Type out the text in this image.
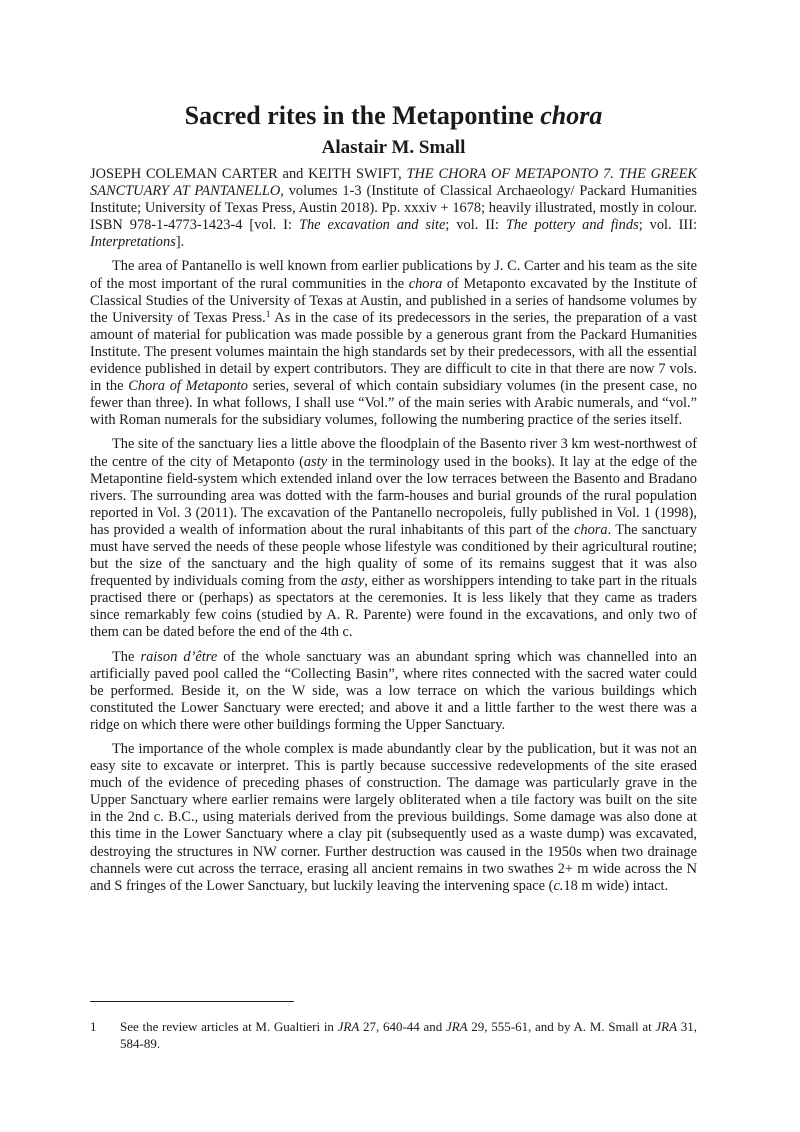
Sacred rites in the Metapontine chora
Alastair M. Small

JOSEPH COLEMAN CARTER and KEITH SWIFT, THE CHORA OF METAPONTO 7. THE GREEK SANCTUARY AT PANTANELLO, volumes 1-3 (Institute of Classical Archaeology/ Packard Humanities Institute; University of Texas Press, Austin 2018). Pp. xxxiv + 1678; heavily illustrated, mostly in colour. ISBN 978-1-4773-1423-4 [vol. I: The excavation and site; vol. II: The pottery and finds; vol. III: Interpretations].

The area of Pantanello is well known from earlier publications by J. C. Carter and his team as the site of the most important of the rural communities in the chora of Metaponto excavated by the Institute of Classical Studies of the University of Texas at Austin, and published in a series of handsome volumes by the University of Texas Press.$^1$ As in the case of its predecessors in the series, the preparation of a vast amount of material for publication was made possible by a generous grant from the Packard Humanities Institute. The present volumes maintain the high standards set by their predecessors, with all the essential evidence published in detail by expert contributors. They are difficult to cite in that there are now 7 vols. in the Chora of Metaponto series, several of which contain subsidiary volumes (in the present case, no fewer than three). In what follows, I shall use “Vol.” of the main series with Arabic numerals, and “vol.” with Roman numerals for the subsidiary volumes, following the numbering practice of the series itself.

The site of the sanctuary lies a little above the floodplain of the Basento river 3 km west-northwest of the centre of the city of Metaponto (asty in the terminology used in the books). It lay at the edge of the Metapontine field-system which extended inland over the low terraces between the Basento and Bradano rivers. The surrounding area was dotted with the farm-houses and burial grounds of the rural population reported in Vol. 3 (2011). The excavation of the Pantanello necropoleis, fully published in Vol. 1 (1998), has provided a wealth of information about the rural inhabitants of this part of the chora. The sanctuary must have served the needs of these people whose lifestyle was conditioned by their agricultural routine; but the size of the sanctuary and the high quality of some of its remains suggest that it was also frequented by individuals coming from the asty, either as worshippers intending to take part in the rituals practised there or (perhaps) as spectators at the ceremonies. It is less likely that they came as traders since remarkably few coins (studied by A. R. Parente) were found in the excavations, and only two of them can be dated before the end of the 4th c.

The raison d’être of the whole sanctuary was an abundant spring which was channelled into an artificially paved pool called the “Collecting Basin”, where rites connected with the sacred water could be performed. Beside it, on the W side, was a low terrace on which the various buildings which constituted the Lower Sanctuary were erected; and above it and a little farther to the west there was a ridge on which there were other buildings forming the Upper Sanctuary.

The importance of the whole complex is made abundantly clear by the publication, but it was not an easy site to excavate or interpret. This is partly because successive redevelopments of the site erased much of the evidence of preceding phases of construction. The damage was particularly grave in the Upper Sanctuary where earlier remains were largely obliterated when a tile factory was built on the site in the 2nd c. B.C., using materials derived from the previous buildings. Some damage was also done at this time in the Lower Sanctuary where a clay pit (subsequently used as a waste dump) was excavated, destroying the structures in NW corner. Further destruction was caused in the 1950s when two drainage channels were cut across the terrace, erasing all ancient remains in two swathes 2+ m wide across the N and S fringes of the Lower Sanctuary, but luckily leaving the intervening space (c.18 m wide) intact.

1	See the review articles at M. Gualtieri in JRA 27, 640-44 and JRA 29, 555-61, and by A. M. Small at JRA 31, 584-89.
